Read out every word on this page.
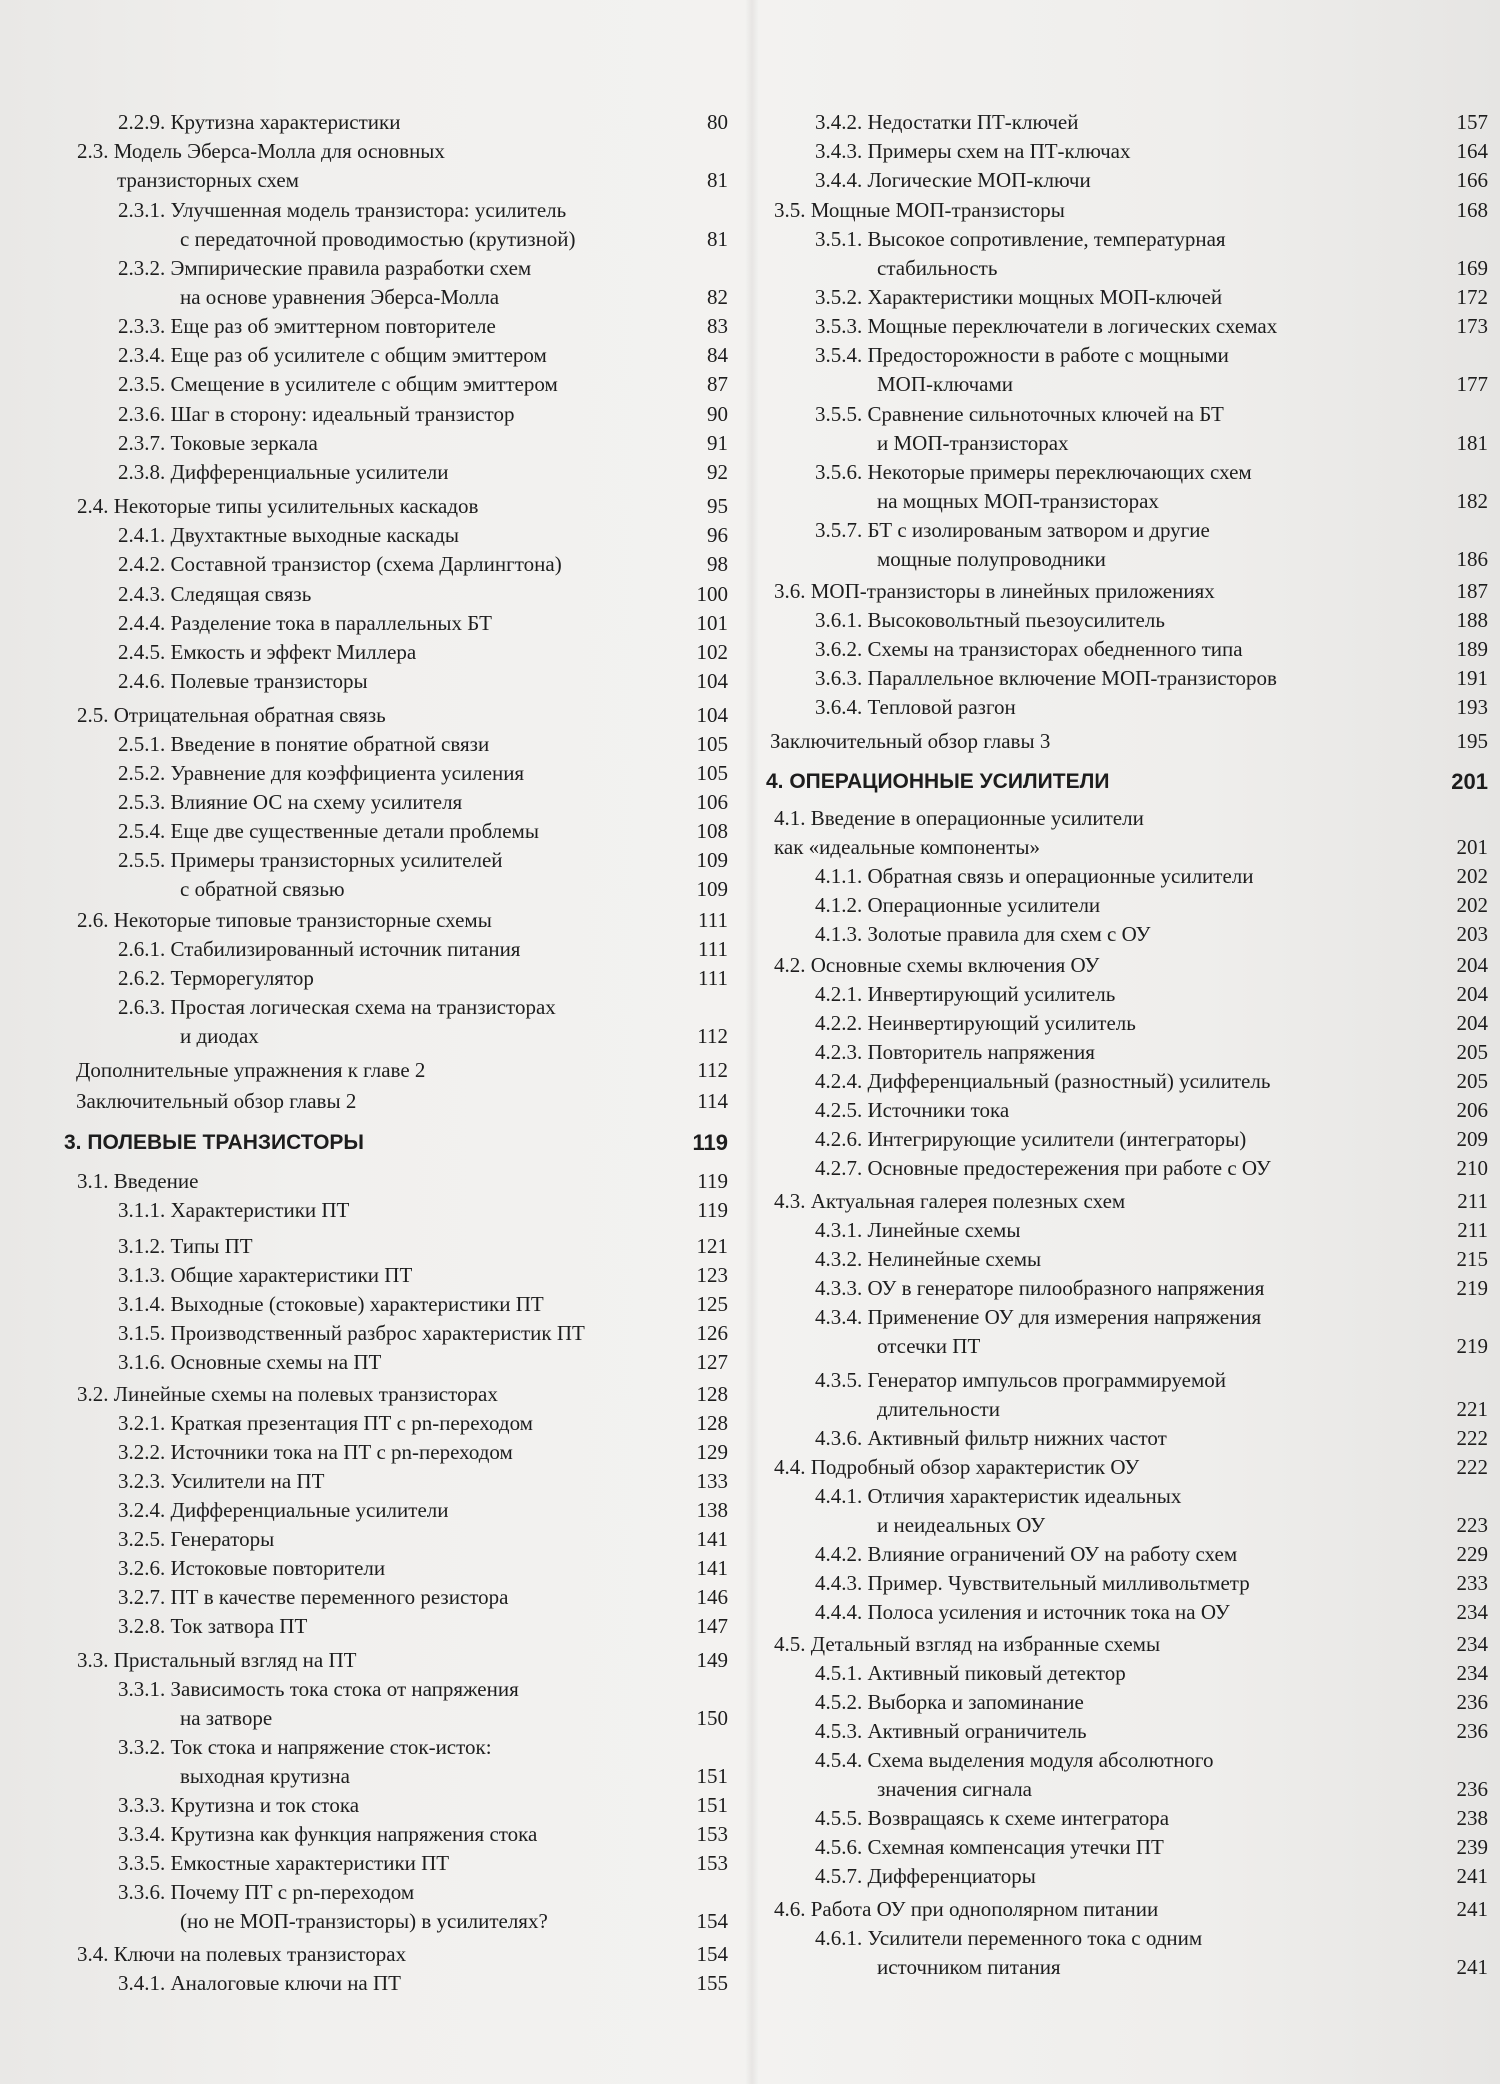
2.2.9. Крутизна характеристики	80
2.3. Модель Эберса-Молла для основных
транзисторных схем	81
2.3.1. Улучшенная модель транзистора: усилитель
с передаточной проводимостью (крутизной)	81
2.3.2. Эмпирические правила разработки схем
на основе уравнения Эберса-Молла	82
2.3.3. Еще раз об эмиттерном повторителе	83
2.3.4. Еще раз об усилителе с общим эмиттером	84
2.3.5. Смещение в усилителе с общим эмиттером	87
2.3.6. Шаг в сторону: идеальный транзистор	90
2.3.7. Токовые зеркала	91
2.3.8. Дифференциальные усилители	92
2.4. Некоторые типы усилительных каскадов	95
2.4.1. Двухтактные выходные каскады	96
2.4.2. Составной транзистор (схема Дарлингтона)	98
2.4.3. Следящая связь	100
2.4.4. Разделение тока в параллельных БТ	101
2.4.5. Емкость и эффект Миллера	102
2.4.6. Полевые транзисторы	104
2.5. Отрицательная обратная связь	104
2.5.1. Введение в понятие обратной связи	105
2.5.2. Уравнение для коэффициента усиления	105
2.5.3. Влияние ОС на схему усилителя	106
2.5.4. Еще две существенные детали проблемы	108
2.5.5. Примеры транзисторных усилителей	109
с обратной связью	109
2.6. Некоторые типовые транзисторные схемы	111
2.6.1. Стабилизированный источник питания	111
2.6.2. Терморегулятор	111
2.6.3. Простая логическая схема на транзисторах
и диодах	112
Дополнительные упражнения к главе 2	112
Заключительный обзор главы 2	114
3. ПОЛЕВЫЕ ТРАНЗИСТОРЫ	119
3.1. Введение	119
3.1.1. Характеристики ПТ	119
3.1.2. Типы ПТ	121
3.1.3. Общие характеристики ПТ	123
3.1.4. Выходные (стоковые) характеристики ПТ	125
3.1.5. Производственный разброс характеристик ПТ	126
3.1.6. Основные схемы на ПТ	127
3.2. Линейные схемы на полевых транзисторах	128
3.2.1. Краткая презентация ПТ с pn-переходом	128
3.2.2. Источники тока на ПТ с pn-переходом	129
3.2.3. Усилители на ПТ	133
3.2.4. Дифференциальные усилители	138
3.2.5. Генераторы	141
3.2.6. Истоковые повторители	141
3.2.7. ПТ в качестве переменного резистора	146
3.2.8. Ток затвора ПТ	147
3.3. Пристальный взгляд на ПТ	149
3.3.1. Зависимость тока стока от напряжения
на затворе	150
3.3.2. Ток стока и напряжение сток-исток:
выходная крутизна	151
3.3.3. Крутизна и ток стока	151
3.3.4. Крутизна как функция напряжения стока	153
3.3.5. Емкостные характеристики ПТ	153
3.3.6. Почему ПТ с pn-переходом
(но не МОП-транзисторы) в усилителях?	154
3.4. Ключи на полевых транзисторах	154
3.4.1. Аналоговые ключи на ПТ	155
3.4.2. Недостатки ПТ-ключей	157
3.4.3. Примеры схем на ПТ-ключах	164
3.4.4. Логические МОП-ключи	166
3.5. Мощные МОП-транзисторы	168
3.5.1. Высокое сопротивление, температурная
стабильность	169
3.5.2. Характеристики мощных МОП-ключей	172
3.5.3. Мощные переключатели в логических схемах	173
3.5.4. Предосторожности в работе с мощными
МОП-ключами	177
3.5.5. Сравнение сильноточных ключей на БТ
и МОП-транзисторах	181
3.5.6. Некоторые примеры переключающих схем
на мощных МОП-транзисторах	182
3.5.7. БТ с изолированым затвором и другие
мощные полупроводники	186
3.6. МОП-транзисторы в линейных приложениях	187
3.6.1. Высоковольтный пьезоусилитель	188
3.6.2. Схемы на транзисторах обедненного типа	189
3.6.3. Параллельное включение МОП-транзисторов	191
3.6.4. Тепловой разгон	193
Заключительный обзор главы 3	195
4. ОПЕРАЦИОННЫЕ УСИЛИТЕЛИ	201
4.1. Введение в операционные усилители
как «идеальные компоненты»	201
4.1.1. Обратная связь и операционные усилители	202
4.1.2. Операционные усилители	202
4.1.3. Золотые правила для схем с ОУ	203
4.2. Основные схемы включения ОУ	204
4.2.1. Инвертирующий усилитель	204
4.2.2. Неинвертирующий усилитель	204
4.2.3. Повторитель напряжения	205
4.2.4. Дифференциальный (разностный) усилитель	205
4.2.5. Источники тока	206
4.2.6. Интегрирующие усилители (интеграторы)	209
4.2.7. Основные предостережения при работе с ОУ	210
4.3. Актуальная галерея полезных схем	211
4.3.1. Линейные схемы	211
4.3.2. Нелинейные схемы	215
4.3.3. ОУ в генераторе пилообразного напряжения	219
4.3.4. Применение ОУ для измерения напряжения
отсечки ПТ	219
4.3.5. Генератор импульсов программируемой
длительности	221
4.3.6. Активный фильтр нижних частот	222
4.4. Подробный обзор характеристик ОУ	222
4.4.1. Отличия характеристик идеальных
и неидеальных ОУ	223
4.4.2. Влияние ограничений ОУ на работу схем	229
4.4.3. Пример. Чувствительный милливольтметр	233
4.4.4. Полоса усиления и источник тока на ОУ	234
4.5. Детальный взгляд на избранные схемы	234
4.5.1. Активный пиковый детектор	234
4.5.2. Выборка и запоминание	236
4.5.3. Активный ограничитель	236
4.5.4. Схема выделения модуля абсолютного
значения сигнала	236
4.5.5. Возвращаясь к схеме интегратора	238
4.5.6. Схемная компенсация утечки ПТ	239
4.5.7. Дифференциаторы	241
4.6. Работа ОУ при однополярном питании	241
4.6.1. Усилители переменного тока с одним
источником питания	241
